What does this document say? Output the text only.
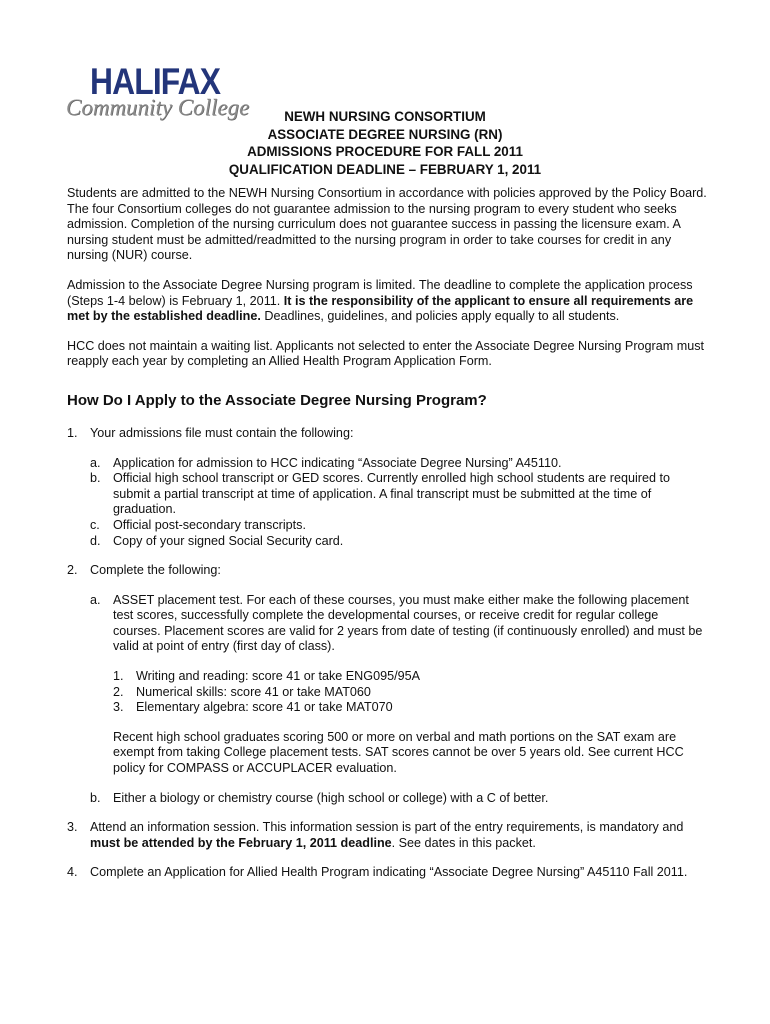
HALIFAX
Community College	NEWH NURSING CONSORTIUM
ASSOCIATE DEGREE NURSING (RN)
ADMISSIONS PROCEDURE FOR FALL 2011
QUALIFICATION DEADLINE – FEBRUARY 1, 2011

Students are admitted to the NEWH Nursing Consortium in accordance with policies approved by the Policy Board. The four Consortium colleges do not guarantee admission to the nursing program to every student who seeks admission. Completion of the nursing curriculum does not guarantee success in passing the licensure exam. A nursing student must be admitted/readmitted to the nursing program in order to take courses for credit in any nursing (NUR) course.

Admission to the Associate Degree Nursing program is limited. The deadline to complete the application process (Steps 1-4 below) is February 1, 2011. It is the responsibility of the applicant to ensure all requirements are met by the established deadline. Deadlines, guidelines, and policies apply equally to all students.

HCC does not maintain a waiting list. Applicants not selected to enter the Associate Degree Nursing Program must reapply each year by completing an Allied Health Program Application Form.

How Do I Apply to the Associate Degree Nursing Program?
1. Your admissions file must contain the following:
a. Application for admission to HCC indicating “Associate Degree Nursing” A45110.
b. Official high school transcript or GED scores. Currently enrolled high school students are required to submit a partial transcript at time of application. A final transcript must be submitted at the time of graduation.
c. Official post-secondary transcripts.
d. Copy of your signed Social Security card.
2. Complete the following:
a. ASSET placement test. For each of these courses, you must make either make the following placement test scores, successfully complete the developmental courses, or receive credit for regular college courses. Placement scores are valid for 2 years from date of testing (if continuously enrolled) and must be valid at point of entry (first day of class).
1. Writing and reading: score 41 or take ENG095/95A
2. Numerical skills: score 41 or take MAT060
3. Elementary algebra: score 41 or take MAT070

Recent high school graduates scoring 500 or more on verbal and math portions on the SAT exam are exempt from taking College placement tests. SAT scores cannot be over 5 years old. See current HCC policy for COMPASS or ACCUPLACER evaluation.

b. Either a biology or chemistry course (high school or college) with a C of better.
3. Attend an information session. This information session is part of the entry requirements, is mandatory and must be attended by the February 1, 2011 deadline. See dates in this packet.
4. Complete an Application for Allied Health Program indicating “Associate Degree Nursing” A45110 Fall 2011.
